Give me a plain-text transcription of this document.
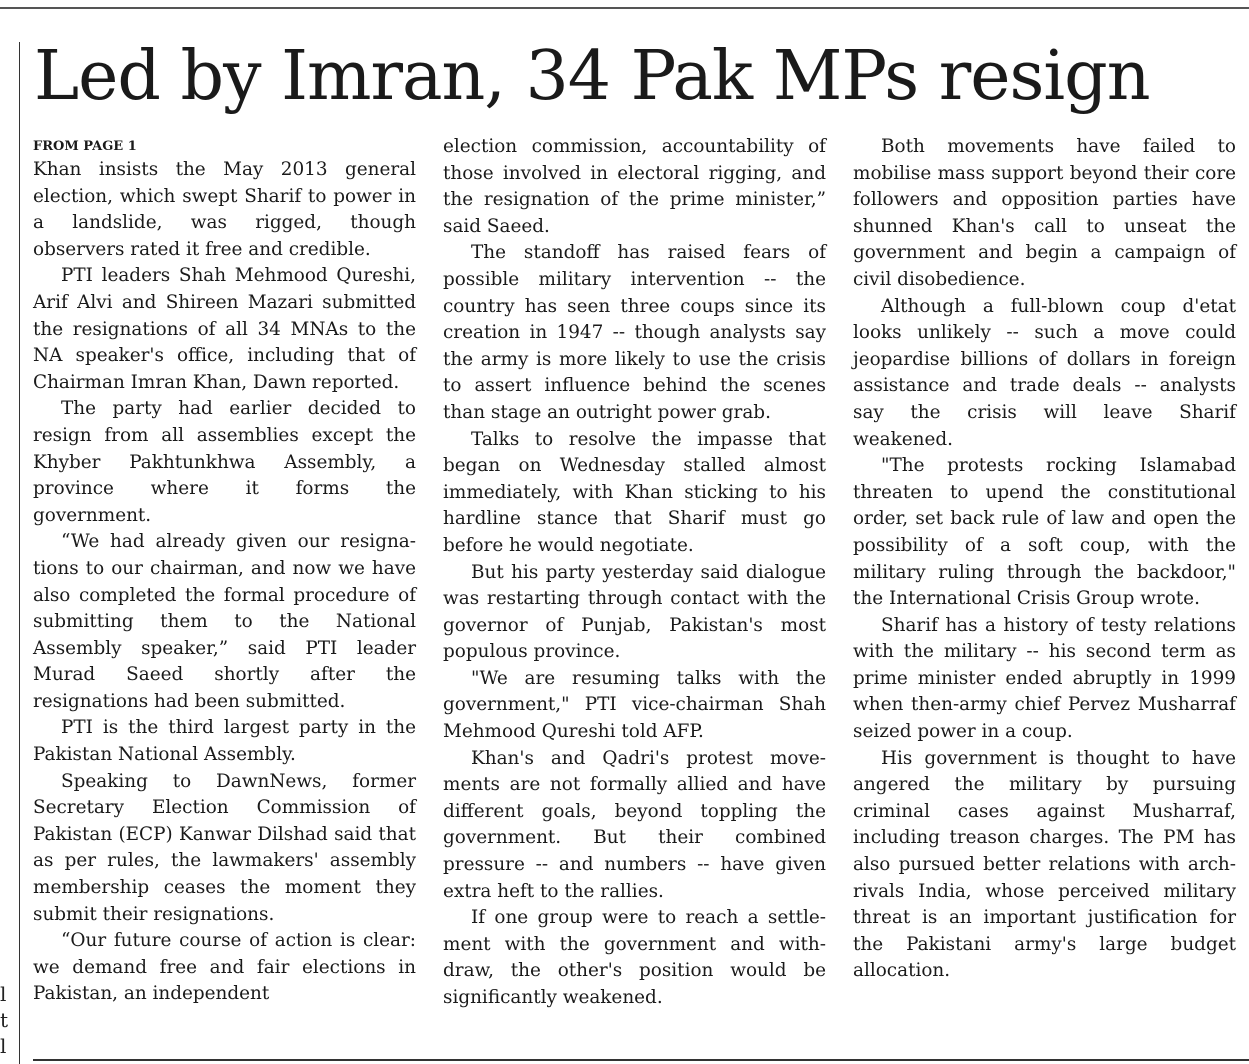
l
t
l
Led by Imran, 34 Pak MPs resign
FROM PAGE 1

Khan insists the May 2013 general election, which swept Sharif to power in a landslide, was rigged, though observers rated it free and credible.

PTI leaders Shah Mehmood Qureshi, Arif Alvi and Shireen Mazari submitted the resignations of all 34 MNAs to the NA speaker's office, including that of Chairman Imran Khan, Dawn reported.

The party had earlier decided to resign from all assemblies except the Khyber Pakhtunkhwa Assembly, a province where it forms the government.

“We had already given our resignations to our chairman, and now we have also completed the formal procedure of submitting them to the National Assembly speaker,” said PTI leader Murad Saeed shortly after the resignations had been submitted.

PTI is the third largest party in the Pakistan National Assembly.

Speaking to DawnNews, former Secretary Election Commission of Pakistan (ECP) Kanwar Dilshad said that as per rules, the lawmakers' assembly membership ceases the moment they submit their resignations.

“Our future course of action is clear: we demand free and fair elections in Pakistan, an independent

election commission, accountability of those involved in electoral rigging, and the resignation of the prime minister,” said Saeed.

The standoff has raised fears of possible military intervention -- the country has seen three coups since its creation in 1947 -- though analysts say the army is more likely to use the crisis to assert influence behind the scenes than stage an outright power grab.

Talks to resolve the impasse that began on Wednesday stalled almost immediately, with Khan sticking to his hardline stance that Sharif must go before he would negotiate.

But his party yesterday said dialogue was restarting through contact with the governor of Punjab, Pakistan's most populous province.

"We are resuming talks with the government," PTI vice-chairman Shah Mehmood Qureshi told AFP.

Khan's and Qadri's protest movements are not formally allied and have different goals, beyond toppling the government. But their combined pressure -- and numbers -- have given extra heft to the rallies.

If one group were to reach a settlement with the government and withdraw, the other's position would be significantly weakened.

Both movements have failed to mobilise mass support beyond their core followers and opposition parties have shunned Khan's call to unseat the government and begin a campaign of civil disobedience.

Although a full-blown coup d'etat looks unlikely -- such a move could jeopardise billions of dollars in foreign assistance and trade deals -- analysts say the crisis will leave Sharif weakened.

"The protests rocking Islamabad threaten to upend the constitutional order, set back rule of law and open the possibility of a soft coup, with the military ruling through the backdoor," the International Crisis Group wrote.

Sharif has a history of testy relations with the military -- his second term as prime minister ended abruptly in 1999 when then-army chief Pervez Musharraf seized power in a coup.

His government is thought to have angered the military by pursuing criminal cases against Musharraf, including treason charges. The PM has also pursued better relations with arch-rivals India, whose perceived military threat is an important justification for the Pakistani army's large budget allocation.
